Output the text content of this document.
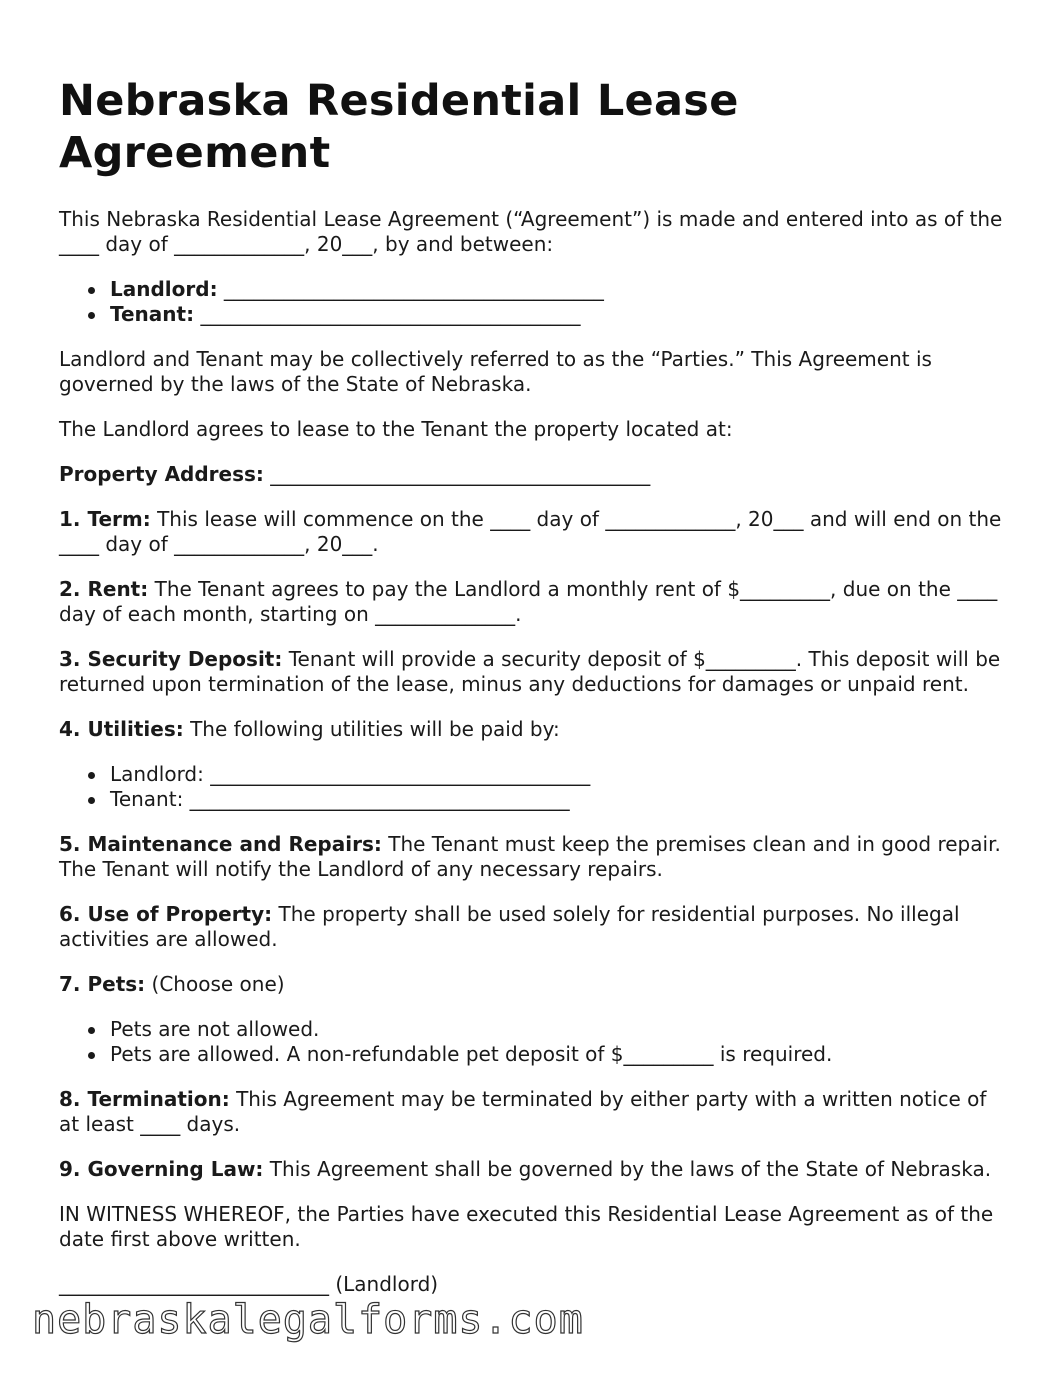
Nebraska Residential Lease Agreement

This Nebraska Residential Lease Agreement (“Agreement”) is made and entered into as of the ____ day of _____________, 20___, by and between:

Landlord: ______________________________________
Tenant: ______________________________________

Landlord and Tenant may be collectively referred to as the “Parties.” This Agreement is governed by the laws of the State of Nebraska.

The Landlord agrees to lease to the Tenant the property located at:

Property Address: ______________________________________

1. Term: This lease will commence on the ____ day of _____________, 20___ and will end on the ____ day of _____________, 20___.

2. Rent: The Tenant agrees to pay the Landlord a monthly rent of $_________, due on the ____ day of each month, starting on ______________.

3. Security Deposit: Tenant will provide a security deposit of $_________. This deposit will be returned upon termination of the lease, minus any deductions for damages or unpaid rent.

4. Utilities: The following utilities will be paid by:

Landlord: ______________________________________
Tenant: ______________________________________

5. Maintenance and Repairs: The Tenant must keep the premises clean and in good repair. The Tenant will notify the Landlord of any necessary repairs.

6. Use of Property: The property shall be used solely for residential purposes. No illegal activities are allowed.

7. Pets: (Choose one)

Pets are not allowed.
Pets are allowed. A non-refundable pet deposit of $_________ is required.

8. Termination: This Agreement may be terminated by either party with a written notice of at least ____ days.

9. Governing Law: This Agreement shall be governed by the laws of the State of Nebraska.

IN WITNESS WHEREOF, the Parties have executed this Residential Lease Agreement as of the date first above written.

___________________________ (Landlord)

nebraskalegalforms.com
